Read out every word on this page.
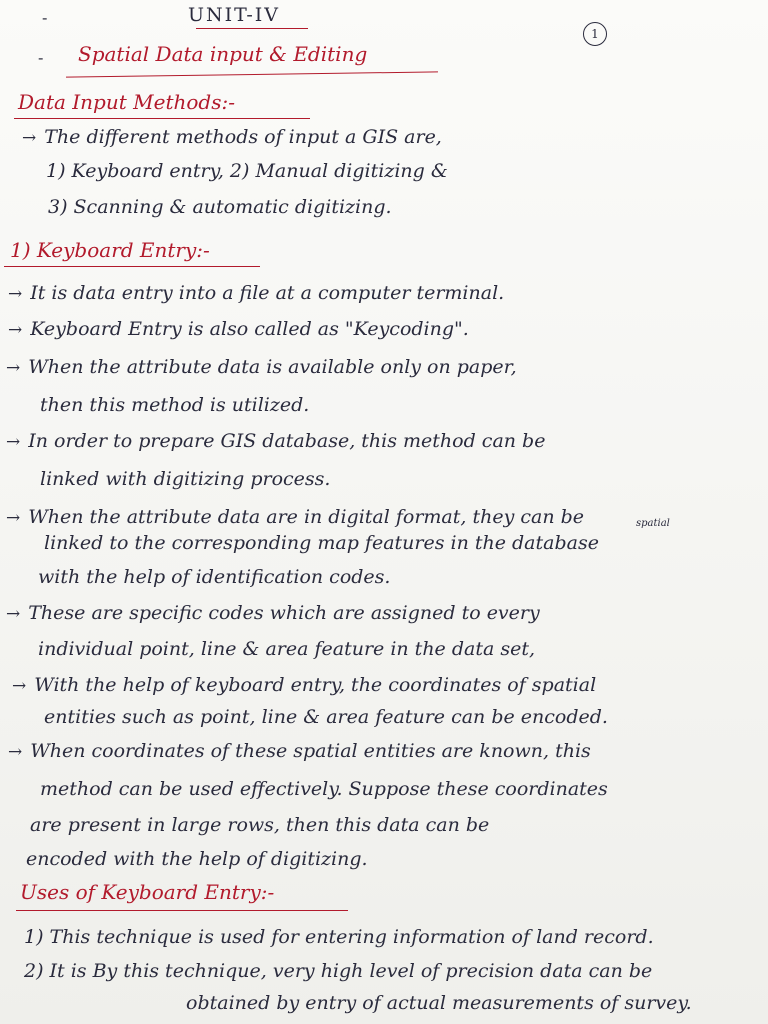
-
-
UNIT-IV
1
Spatial Data input & Editing
Data Input Methods:-
→ The different methods of input a GIS are,
1) Keyboard entry, 2) Manual digitizing &
3) Scanning & automatic digitizing.
1) Keyboard Entry:-
→ It is data entry into a file at a computer terminal.
→ Keyboard Entry is also called as "Keycoding".
→ When the attribute data is available only on paper,
then this method is utilized.
→ In order to prepare GIS database, this method can be
linked with digitizing process.
→ When the attribute data are in digital format, they can be	spatial
linked to the corresponding map features in the database
with the help of identification codes.
→ These are specific codes which are assigned to every
individual point, line & area feature in the data set,
→ With the help of keyboard entry, the coordinates of spatial
entities such as point, line & area feature can be encoded.
→ When coordinates of these spatial entities are known, this
method can be used effectively. Suppose these coordinates
are present in large rows, then this data can be
encoded with the help of digitizing.
Uses of Keyboard Entry:-
1) This technique is used for entering information of land record.
2) It is By this technique, very high level of precision data can be
obtained by entry of actual measurements of survey.
